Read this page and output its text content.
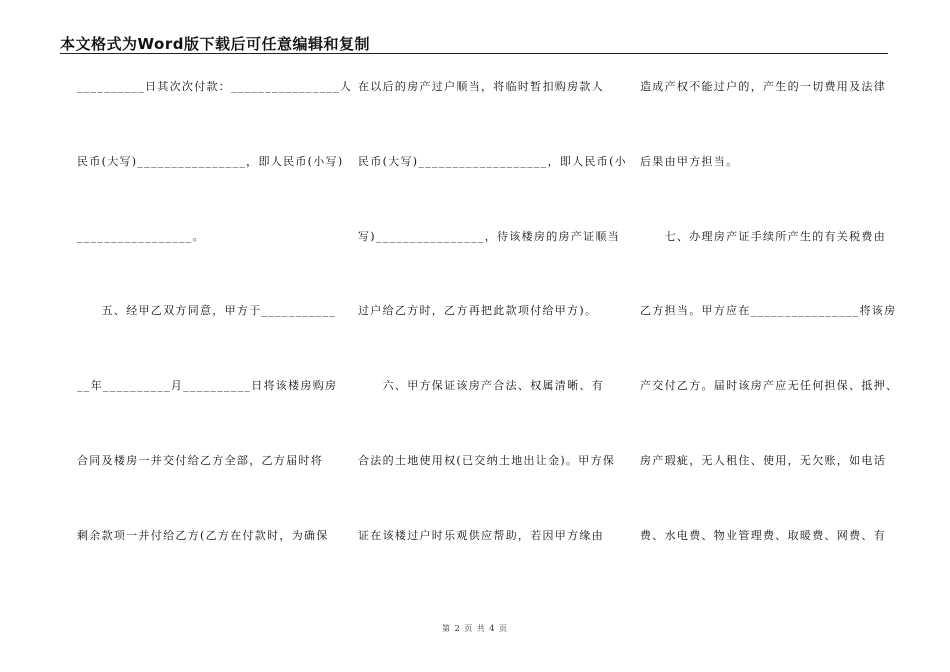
本文格式为Word版下载后可任意编辑和复制
__________日其次次付款：________________人
民币(大写)________________，即人民币(小写)
_________________。
　　五、经甲乙双方同意，甲方于___________
__年__________月__________日将该楼房购房
合同及楼房一并交付给乙方全部，乙方届时将
剩余款项一并付给乙方(乙方在付款时，为确保
在以后的房产过户顺当，将临时暂扣购房款人
民币(大写)___________________，即人民币(小
写)________________，待该楼房的房产证顺当
过户给乙方时，乙方再把此款项付给甲方)。
　　六、甲方保证该房产合法、权属清晰、有
合法的土地使用权(已交纳土地出让金)。甲方保
证在该楼过户时乐观供应帮助，若因甲方缘由
造成产权不能过户的，产生的一切费用及法律
后果由甲方担当。
　　七、办理房产证手续所产生的有关税费由
乙方担当。甲方应在________________将该房
产交付乙方。届时该房产应无任何担保、抵押、
房产瑕疵，无人租住、使用，无欠账，如电话
费、水电费、物业管理费、取暖费、网费、有
第 2 页 共 4 页
